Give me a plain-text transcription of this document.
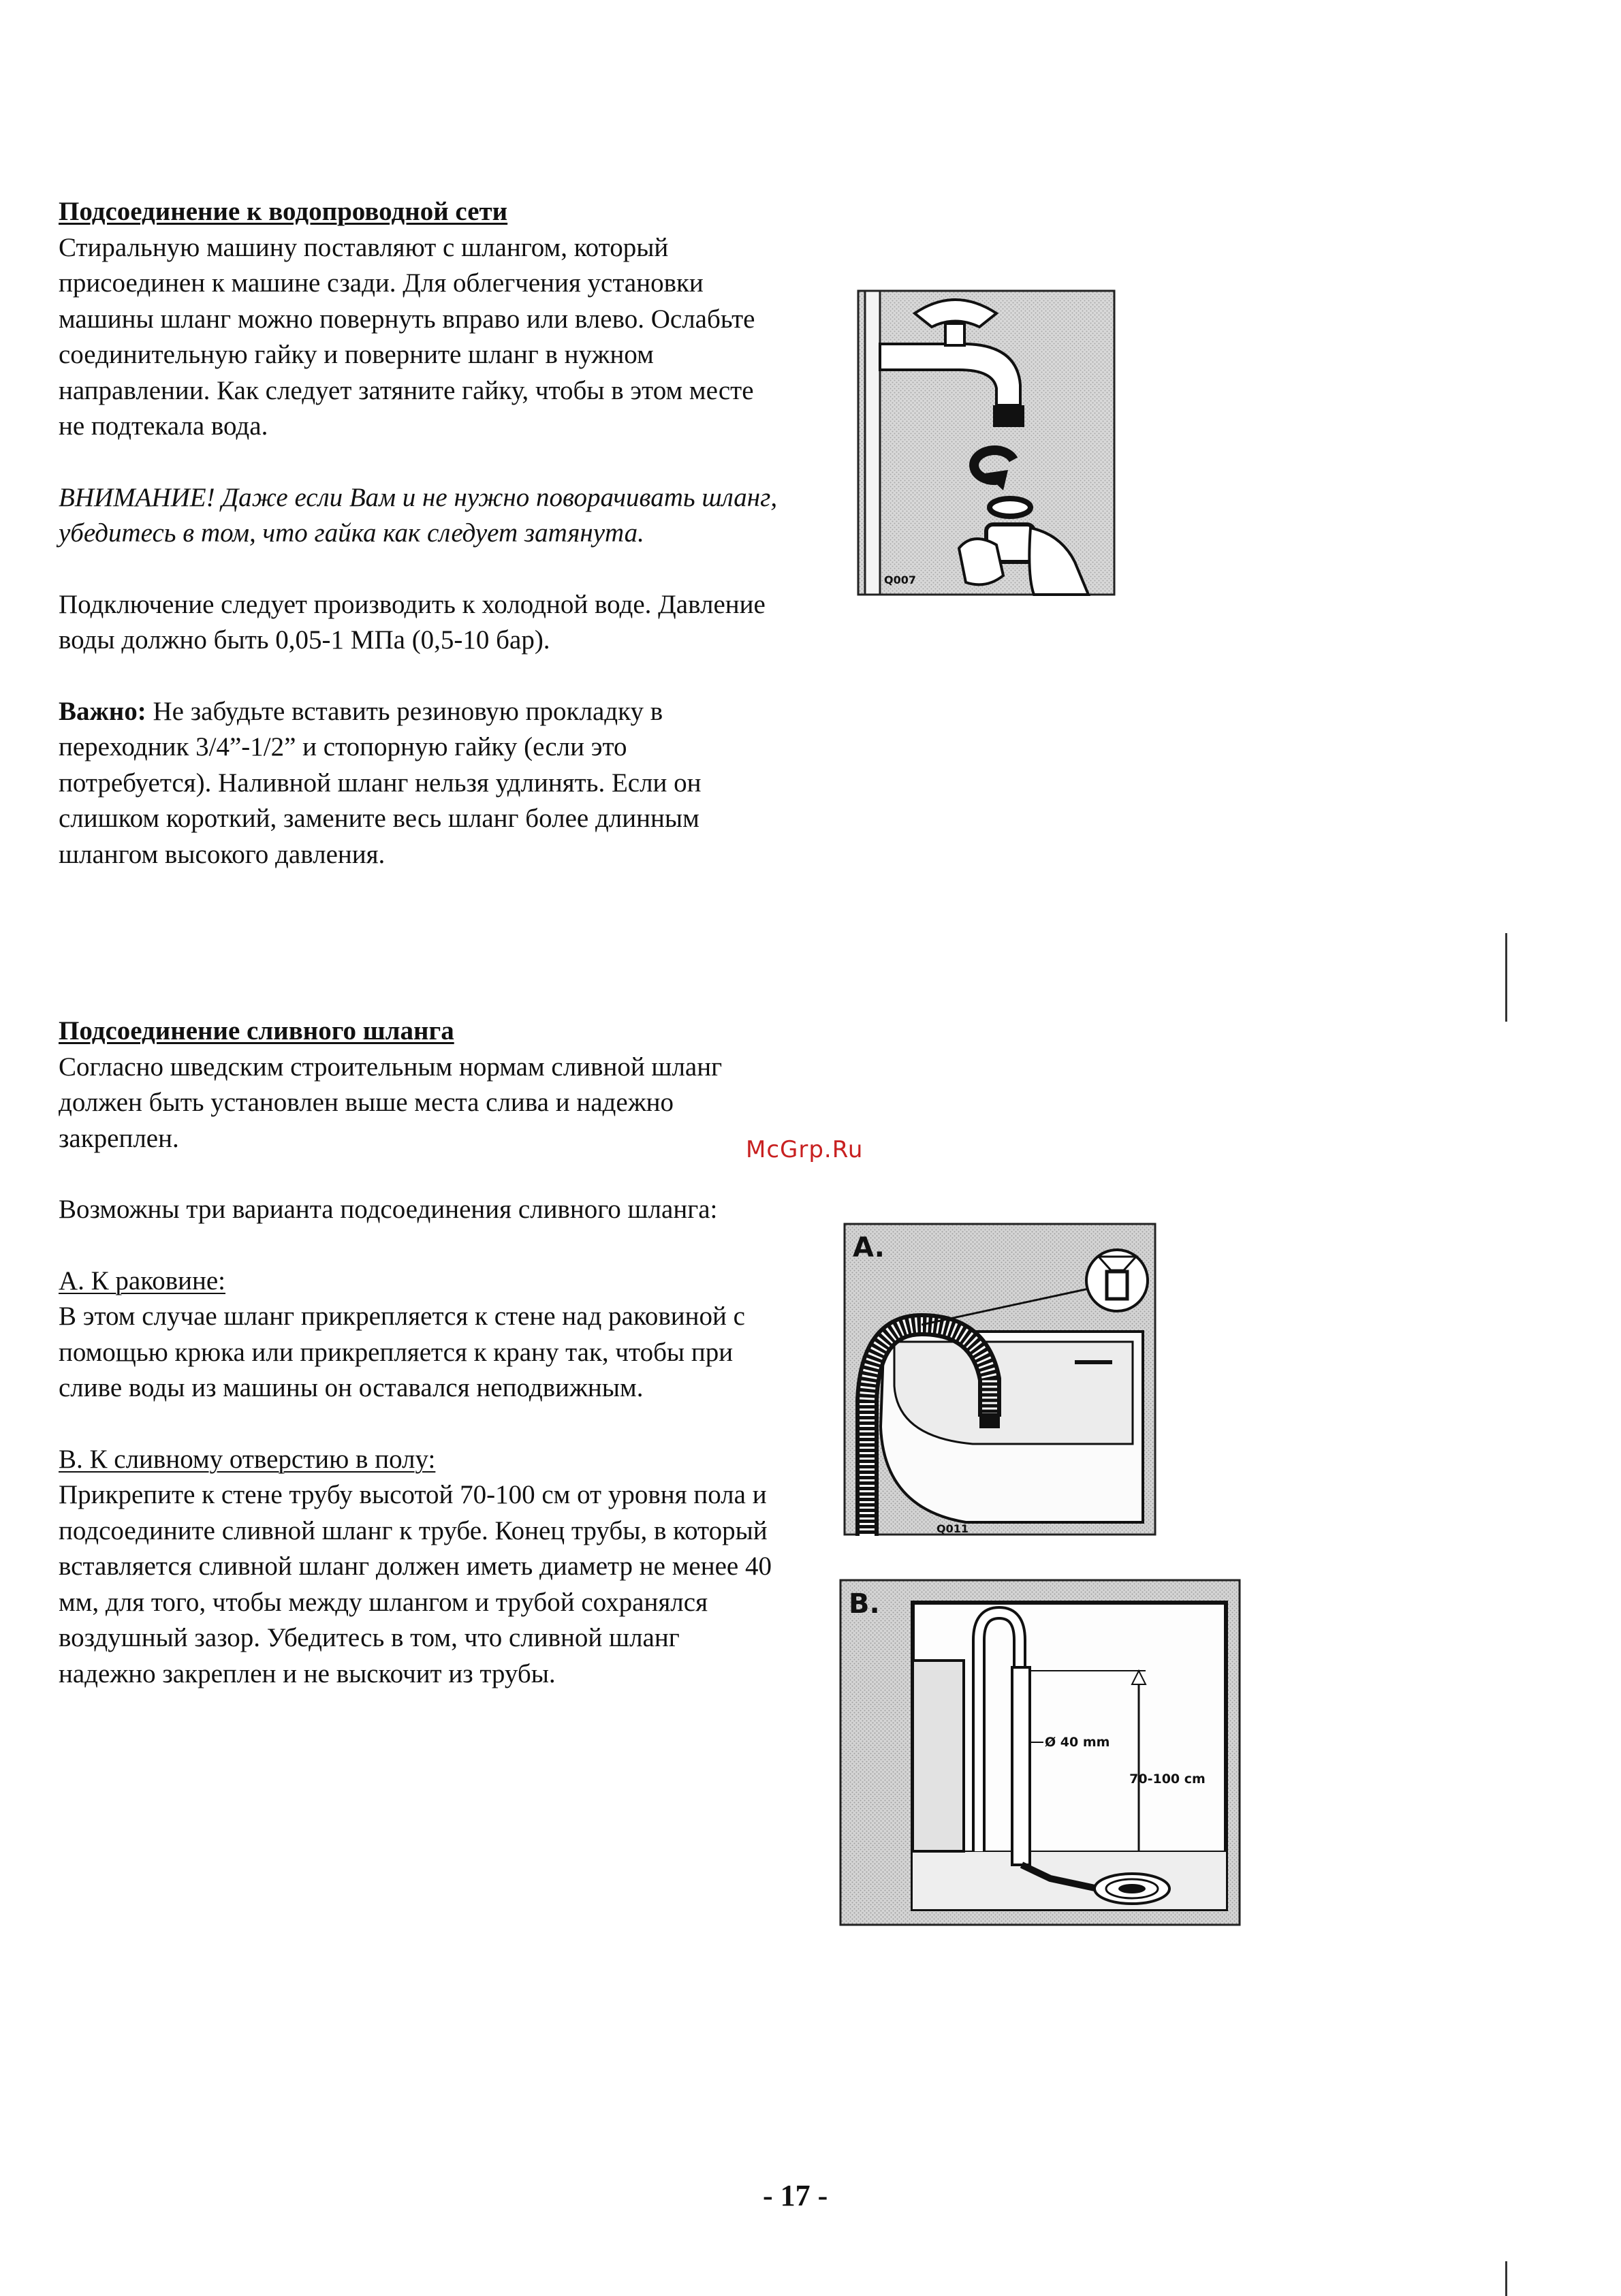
Подсоединение к водопроводной сети

Стиральную машину поставляют с шлангом, который присоединен к машине сзади. Для облегчения установки машины шланг можно повернуть вправо или влево. Ослабьте соединительную гайку и поверните шланг в нужном направлении. Как следует затяните гайку, чтобы в этом месте не подтекала вода.

ВНИМАНИЕ! Даже если Вам и не нужно поворачивать шланг, убедитесь в том, что гайка как следует затянута.

Подключение следует производить к холодной воде. Давление воды должно быть 0,05-1 МПа (0,5-10 бар).

Важно: Не забудьте вставить резиновую прокладку в переходник 3/4”-1/2” и стопорную гайку (если это потребуется). Наливной шланг нельзя удлинять. Если он слишком короткий, замените весь шланг более длинным шлангом высокого давления.

Подсоединение сливного шланга

Согласно шведским строительным нормам сливной шланг должен быть установлен выше места слива и надежно закреплен.

Возможны три варианта подсоединения сливного шланга:

А. К раковине:

В этом случае шланг прикрепляется к стене над раковиной с помощью крюка или прикрепляется к крану так, чтобы при сливе воды из машины он оставался неподвижным.

В. К сливному отверстию в полу:

Прикрепите к стене трубу высотой 70-100 см от уровня пола и подсоедините сливной шланг к трубе. Конец трубы, в который вставляется сливной шланг должен иметь диаметр не менее 40 мм, для того, чтобы между шлангом и трубой сохранялся воздушный зазор. Убедитесь в том, что сливной шланг надежно закреплен и не выскочит из трубы.

Q007
A.
Q011
B.
Ø 40 mm
70-100 cm
McGrp.Ru
- 17 -
